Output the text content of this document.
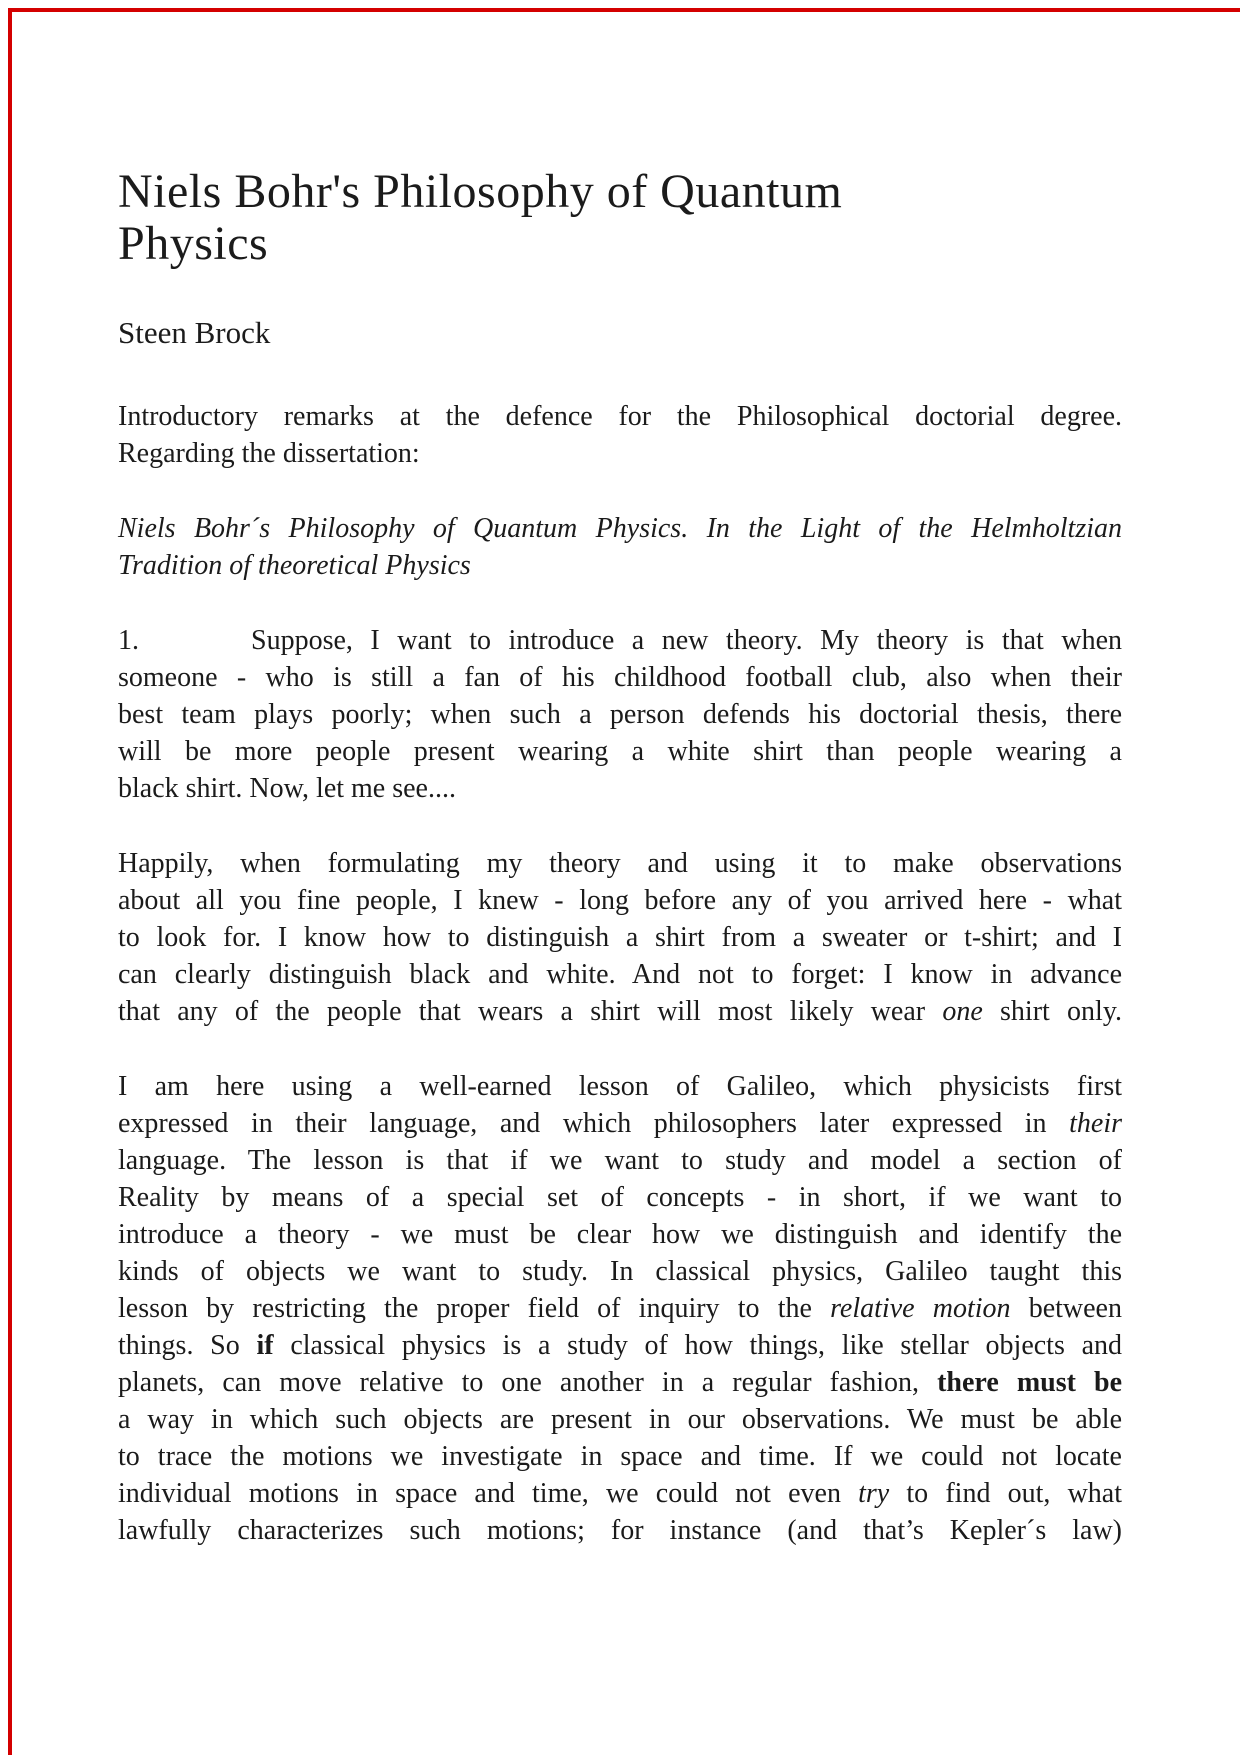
Niels Bohr's Philosophy of Quantum
Physics
Steen Brock
Introductory remarks at the defence for the Philosophical doctorial degree.
Regarding the dissertation:
Niels Bohr´s Philosophy of Quantum Physics. In the Light of the Helmholtzian
Tradition of theoretical Physics
1.	Suppose, I want to introduce a new theory. My theory is that when
someone - who is still a fan of his childhood football club, also when their
best team plays poorly; when such a person defends his doctorial thesis, there
will be more people present wearing a white shirt than people wearing a
black shirt. Now, let me see....
Happily, when formulating my theory and using it to make observations
about all you fine people, I knew - long before any of you arrived here - what
to look for. I know how to distinguish a shirt from a sweater or t-shirt; and I
can clearly distinguish black and white. And not to forget: I know in advance
that any of the people that wears a shirt will most likely wear one shirt only.
I am here using a well-earned lesson of Galileo, which physicists first
expressed in their language, and which philosophers later expressed in their
language. The lesson is that if we want to study and model a section of
Reality by means of a special set of concepts - in short, if we want to
introduce a theory - we must be clear how we distinguish and identify the
kinds of objects we want to study. In classical physics, Galileo taught this
lesson by restricting the proper field of inquiry to the relative motion between
things. So if classical physics is a study of how things, like stellar objects and
planets, can move relative to one another in a regular fashion, there must be
a way in which such objects are present in our observations. We must be able
to trace the motions we investigate in space and time. If we could not locate
individual motions in space and time, we could not even try to find out, what
lawfully characterizes such motions; for instance (and that’s Kepler´s law)
